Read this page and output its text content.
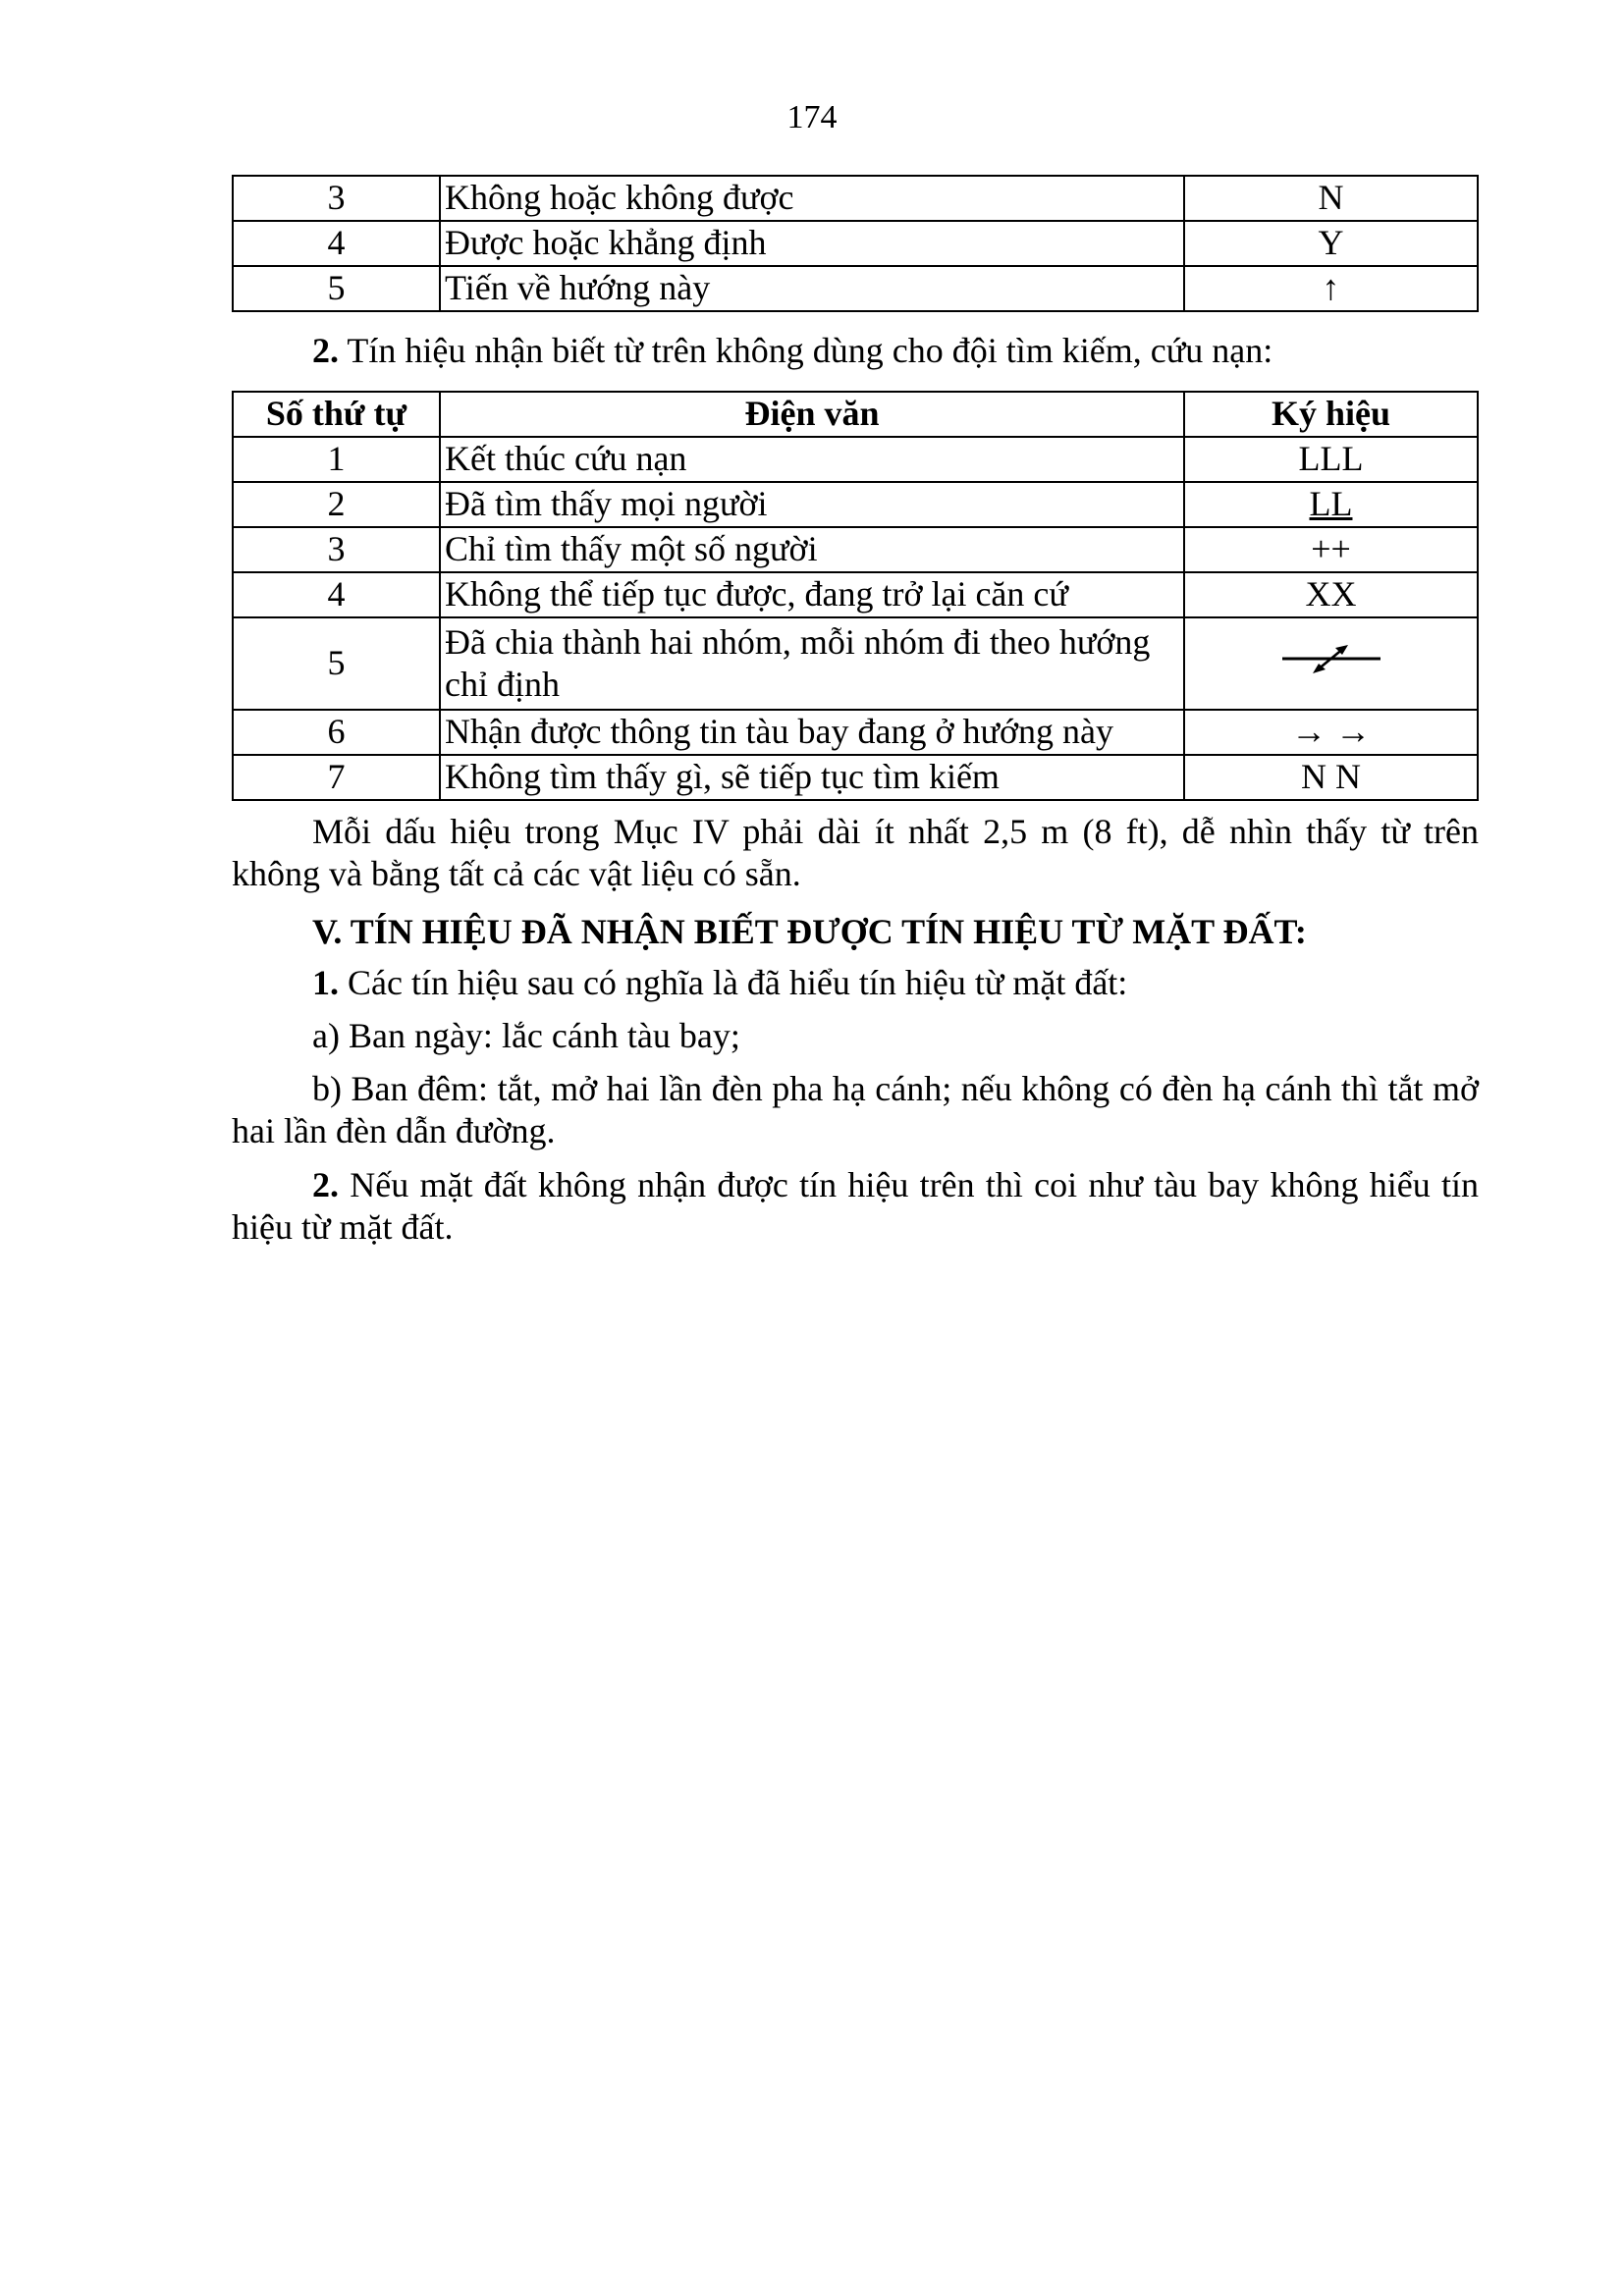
174
3	Không hoặc không được	N
4	Được hoặc khẳng định	Y
5	Tiến về hướng này	↑

2. Tín hiệu nhận biết từ trên không dùng cho đội tìm kiếm, cứu nạn:

Số thứ tự	Điện văn	Ký hiệu
1	Kết thúc cứu nạn	LLL
2	Đã tìm thấy mọi người	LL
3	Chỉ tìm thấy một số người	++
4	Không thể tiếp tục được, đang trở lại căn cứ	XX
5	Đã chia thành hai nhóm, mỗi nhóm đi theo hướng chỉ định	
6	Nhận được thông tin tàu bay đang ở hướng này	→ →
7	Không tìm thấy gì, sẽ tiếp tục tìm kiếm	N N

Mỗi dấu hiệu trong Mục IV phải dài ít nhất 2,5 m (8 ft), dễ nhìn thấy từ trên không và bằng tất cả các vật liệu có sẵn.

V. TÍN HIỆU ĐÃ NHẬN BIẾT ĐƯỢC TÍN HIỆU TỪ MẶT ĐẤT:

1. Các tín hiệu sau có nghĩa là đã hiểu tín hiệu từ mặt đất:

a) Ban ngày: lắc cánh tàu bay;

b) Ban đêm: tắt, mở hai lần đèn pha hạ cánh; nếu không có đèn hạ cánh thì tắt mở hai lần đèn dẫn đường.

2. Nếu mặt đất không nhận được tín hiệu trên thì coi như tàu bay không hiểu tín hiệu từ mặt đất.
